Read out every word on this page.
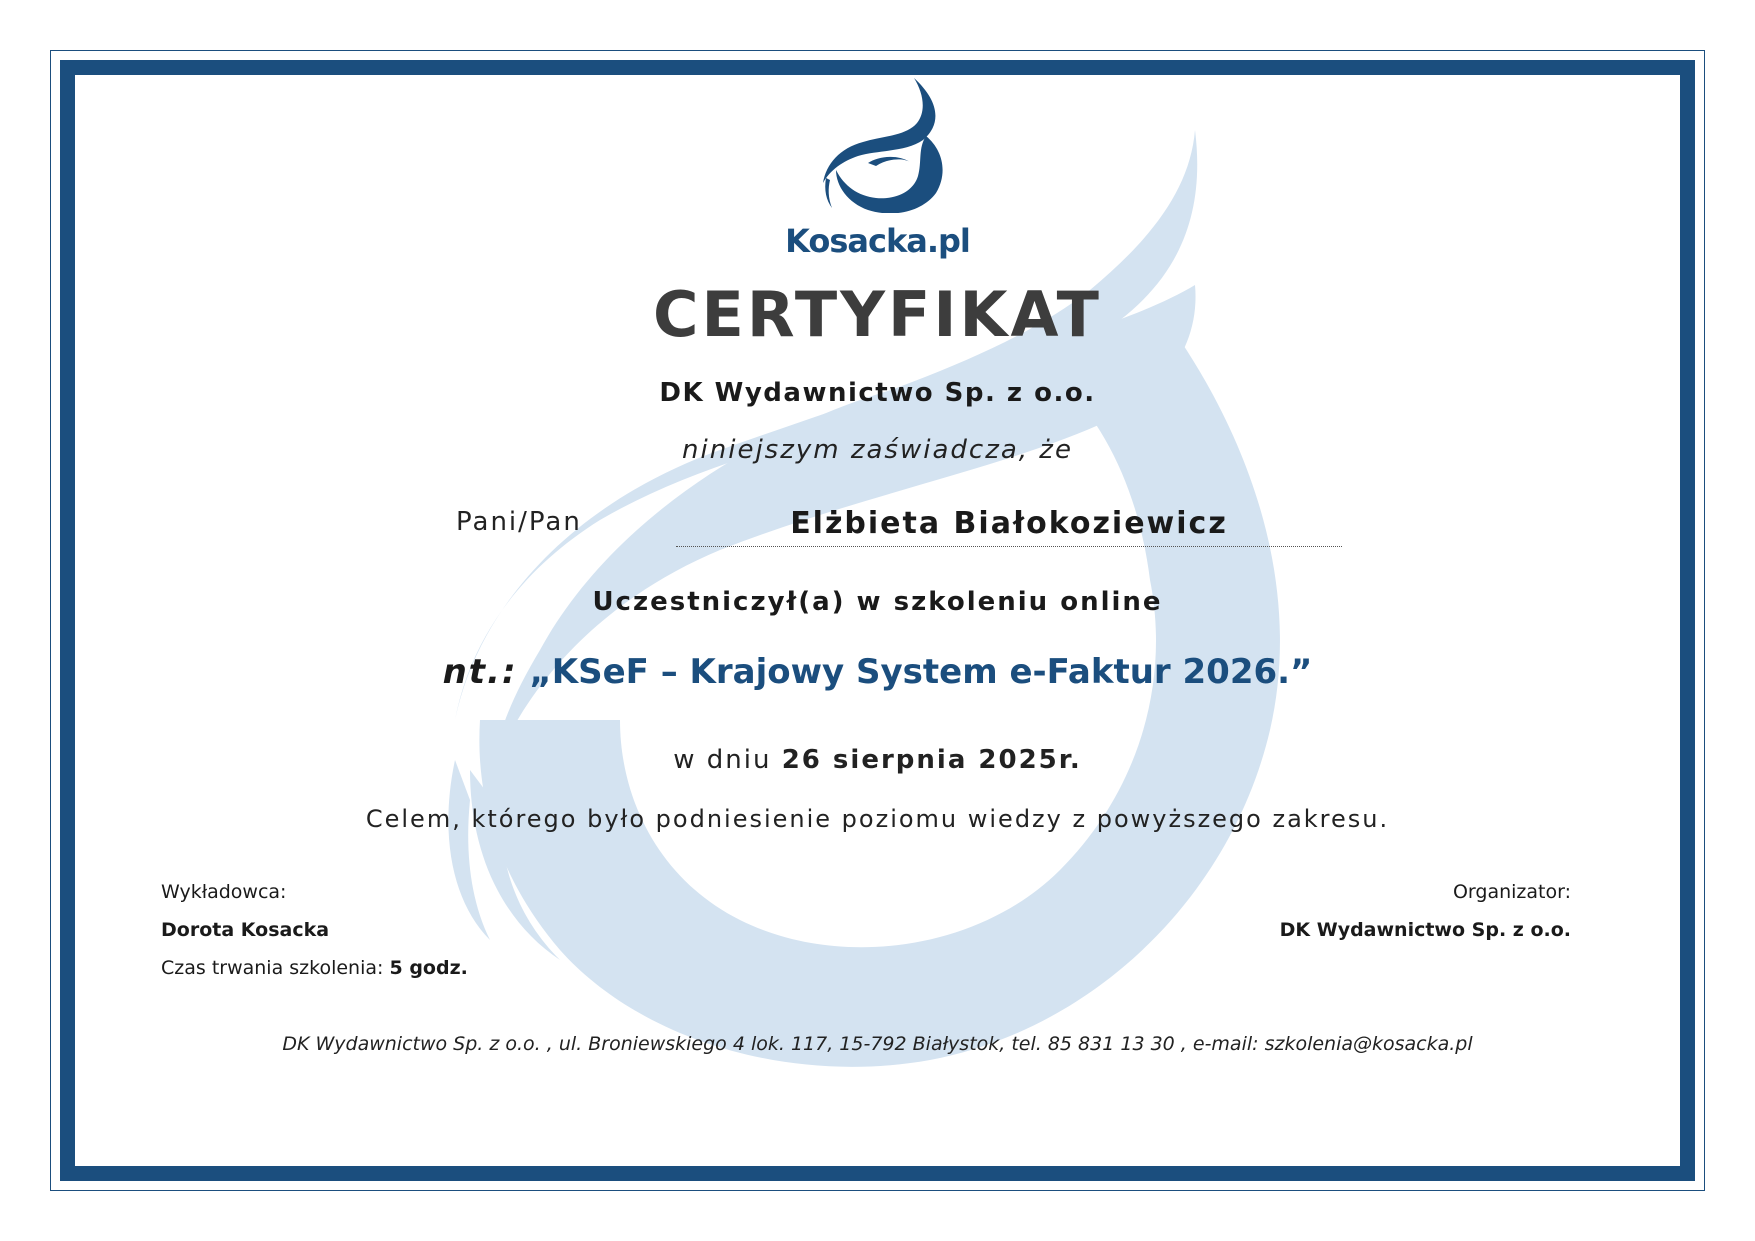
Kosacka.pl
CERTYFIKAT
DK Wydawnictwo Sp. z o.o.
niniejszym zaświadcza, że
Pani/Pan	Elżbieta Białokoziewicz
Uczestniczył(a) w szkoleniu online
nt.: „KSeF – Krajowy System e-Faktur 2026.”
w dniu 26 sierpnia 2025r.
Celem, którego było podniesienie poziomu wiedzy z powyższego zakresu.
Wykładowca:
Dorota Kosacka
Czas trwania szkolenia: 5 godz.
Organizator:
DK Wydawnictwo Sp. z o.o.
DK Wydawnictwo Sp. z o.o. , ul. Broniewskiego 4 lok. 117, 15-792 Białystok, tel. 85 831 13 30 , e-mail: szkolenia@kosacka.pl
